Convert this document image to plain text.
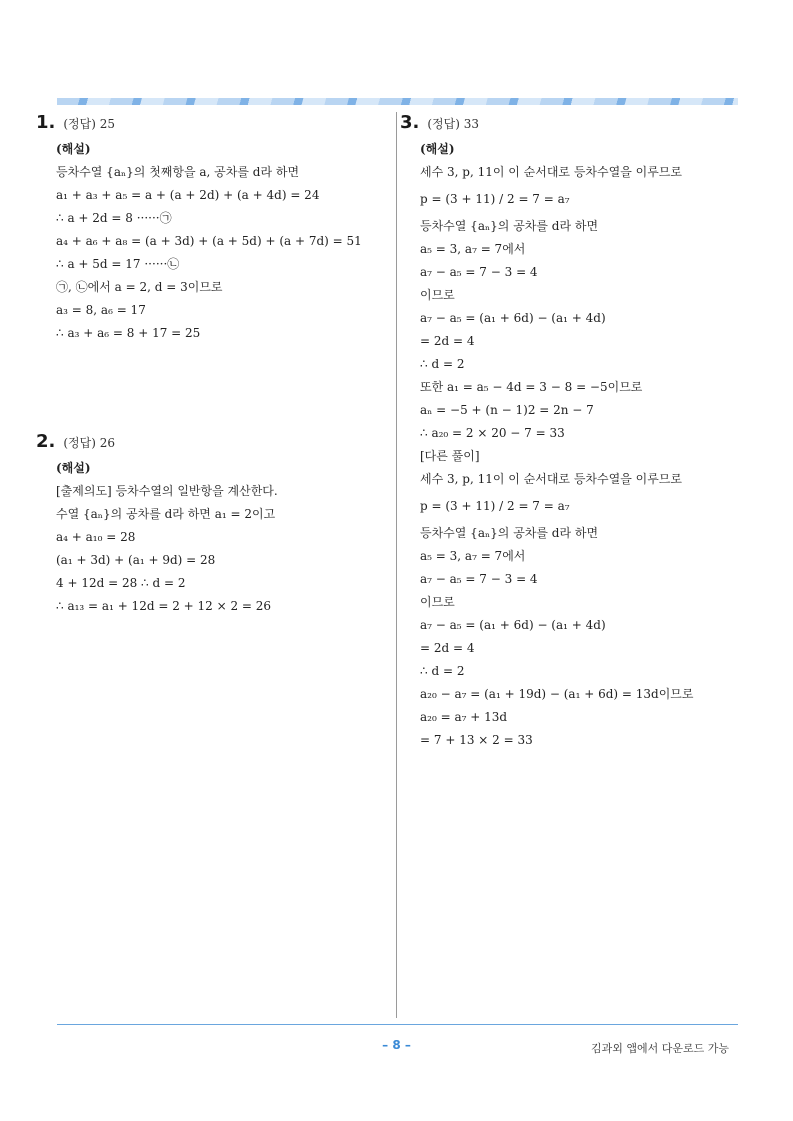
1. (정답) 25
(해설)
등차수열 {aₙ}의 첫째항을 a, 공차를 d라 하면
a₁ + a₃ + a₅ = a + (a + 2d) + (a + 4d) = 24
∴ a + 2d = 8 ······㉠
a₄ + a₆ + a₈ = (a + 3d) + (a + 5d) + (a + 7d) = 51
∴ a + 5d = 17 ······㉡
㉠, ㉡에서 a = 2, d = 3이므로
a₃ = 8, a₆ = 17
∴ a₃ + a₆ = 8 + 17 = 25
2. (정답) 26
(해설)
[출제의도] 등차수열의 일반항을 계산한다.
수열 {aₙ}의 공차를 d라 하면 a₁ = 2이고
a₄ + a₁₀ = 28
(a₁ + 3d) + (a₁ + 9d) = 28
4 + 12d = 28 ∴ d = 2
∴ a₁₃ = a₁ + 12d = 2 + 12 × 2 = 26
3. (정답) 33
(해설)
세수 3, p, 11이 이 순서대로 등차수열을 이루므로
p = (3 + 11) / 2 = 7 = a₇
등차수열 {aₙ}의 공차를 d라 하면
a₅ = 3, a₇ = 7에서
a₇ − a₅ = 7 − 3 = 4
이므로
a₇ − a₅ = (a₁ + 6d) − (a₁ + 4d)
= 2d = 4
∴ d = 2
또한 a₁ = a₅ − 4d = 3 − 8 = −5이므로
aₙ = −5 + (n − 1)2 = 2n − 7
∴ a₂₀ = 2 × 20 − 7 = 33
[다른 풀이]
세수 3, p, 11이 이 순서대로 등차수열을 이루므로
p = (3 + 11) / 2 = 7 = a₇
등차수열 {aₙ}의 공차를 d라 하면
a₅ = 3, a₇ = 7에서
a₇ − a₅ = 7 − 3 = 4
이므로
a₇ − a₅ = (a₁ + 6d) − (a₁ + 4d)
= 2d = 4
∴ d = 2
a₂₀ − a₇ = (a₁ + 19d) − (a₁ + 6d) = 13d이므로
a₂₀ = a₇ + 13d
= 7 + 13 × 2 = 33
– 8 –	김과외 앱에서 다운로드 가능
